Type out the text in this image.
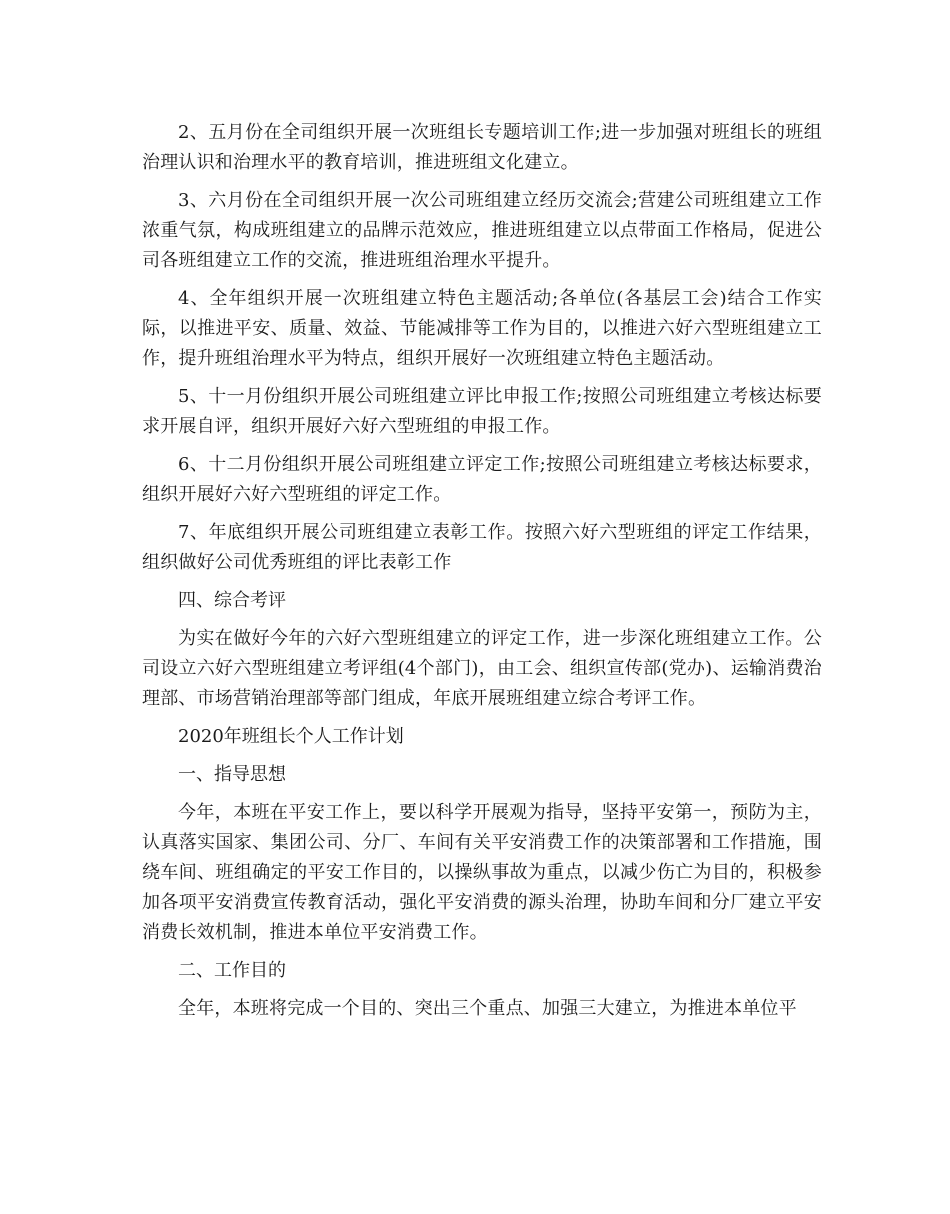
2、五月份在全司组织开展一次班组长专题培训工作;进一步加强对班组长的班组治理认识和治理水平的教育培训，推进班组文化建立。

3、六月份在全司组织开展一次公司班组建立经历交流会;营建公司班组建立工作浓重气氛，构成班组建立的品牌示范效应，推进班组建立以点带面工作格局，促进公司各班组建立工作的交流，推进班组治理水平提升。

4、全年组织开展一次班组建立特色主题活动;各单位(各基层工会)结合工作实际，以推进平安、质量、效益、节能减排等工作为目的，以推进六好六型班组建立工作，提升班组治理水平为特点，组织开展好一次班组建立特色主题活动。

5、十一月份组织开展公司班组建立评比申报工作;按照公司班组建立考核达标要求开展自评，组织开展好六好六型班组的申报工作。

6、十二月份组织开展公司班组建立评定工作;按照公司班组建立考核达标要求，组织开展好六好六型班组的评定工作。

7、年底组织开展公司班组建立表彰工作。按照六好六型班组的评定工作结果，组织做好公司优秀班组的评比表彰工作

四、综合考评

为实在做好今年的六好六型班组建立的评定工作，进一步深化班组建立工作。公司设立六好六型班组建立考评组(4个部门)，由工会、组织宣传部(党办)、运输消费治理部、市场营销治理部等部门组成，年底开展班组建立综合考评工作。

2020年班组长个人工作计划

一、指导思想

今年，本班在平安工作上，要以科学开展观为指导，坚持平安第一，预防为主，认真落实国家、集团公司、分厂、车间有关平安消费工作的决策部署和工作措施，围绕车间、班组确定的平安工作目的，以操纵事故为重点，以减少伤亡为目的，积极参加各项平安消费宣传教育活动，强化平安消费的源头治理，协助车间和分厂建立平安消费长效机制，推进本单位平安消费工作。

二、工作目的

全年，本班将完成一个目的、突出三个重点、加强三大建立，为推进本单位平
